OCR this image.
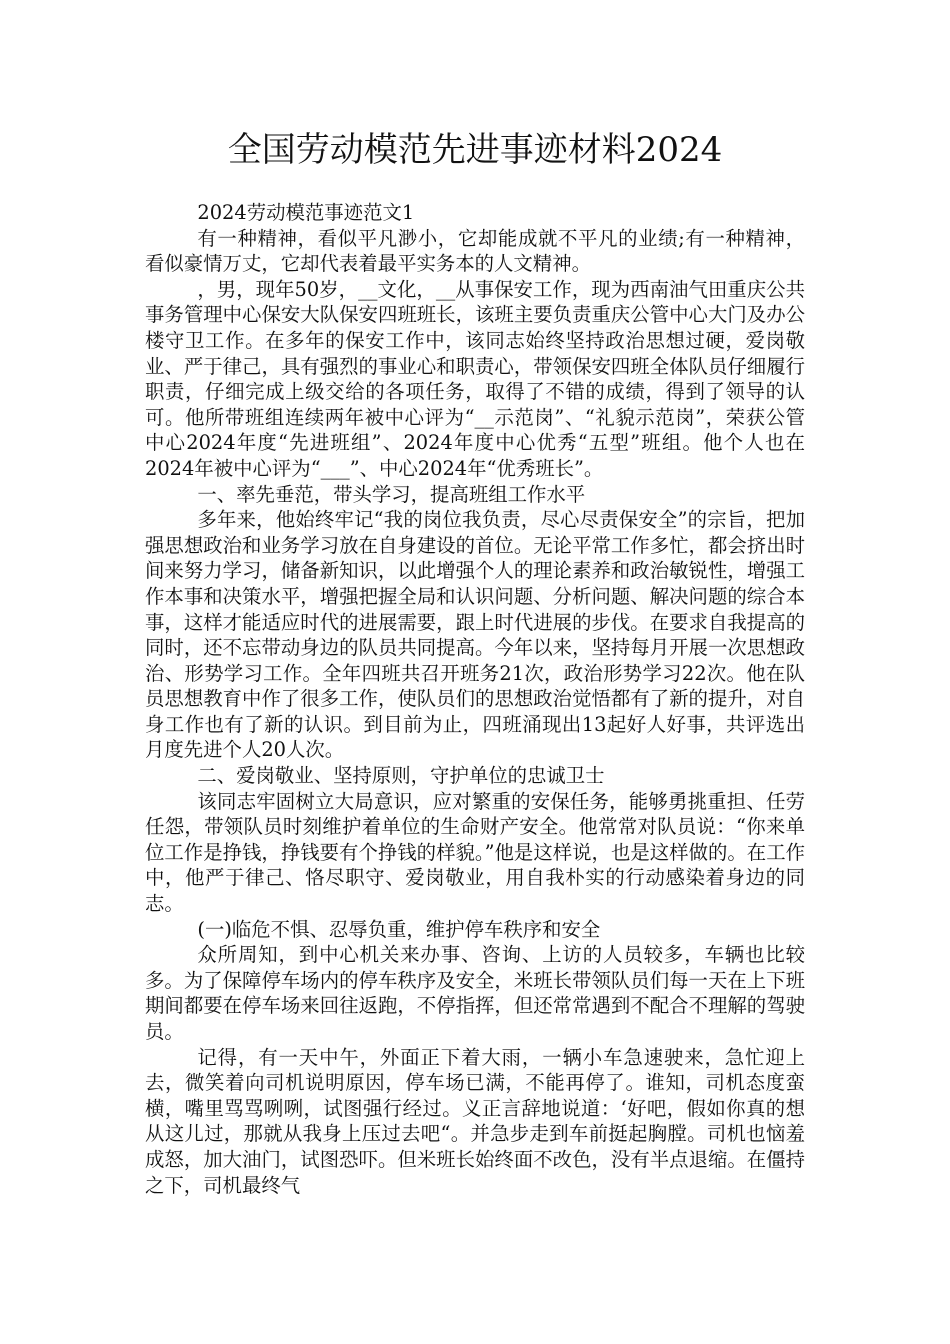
全国劳动模范先进事迹材料2024

2024劳动模范事迹范文1

有一种精神，看似平凡渺小，它却能成就不平凡的业绩;有一种精神，看似豪情万丈，它却代表着最平实务本的人文精神。

，男，现年50岁，__文化，__从事保安工作，现为西南油气田重庆公共事务管理中心保安大队保安四班班长，该班主要负责重庆公管中心大门及办公楼守卫工作。在多年的保安工作中，该同志始终坚持政治思想过硬，爱岗敬业、严于律己，具有强烈的事业心和职责心，带领保安四班全体队员仔细履行职责，仔细完成上级交给的各项任务，取得了不错的成绩，得到了领导的认可。他所带班组连续两年被中心评为“__示范岗”、“礼貌示范岗”，荣获公管中心2024年度“先进班组”、2024年度中心优秀“五型”班组。他个人也在2024年被中心评为“___”、中心2024年“优秀班长”。

一、率先垂范，带头学习，提高班组工作水平

多年来，他始终牢记“我的岗位我负责，尽心尽责保安全”的宗旨，把加强思想政治和业务学习放在自身建设的首位。无论平常工作多忙，都会挤出时间来努力学习，储备新知识，以此增强个人的理论素养和政治敏锐性，增强工作本事和决策水平，增强把握全局和认识问题、分析问题、解决问题的综合本事，这样才能适应时代的进展需要，跟上时代进展的步伐。在要求自我提高的同时，还不忘带动身边的队员共同提高。今年以来，坚持每月开展一次思想政治、形势学习工作。全年四班共召开班务21次，政治形势学习22次。他在队员思想教育中作了很多工作，使队员们的思想政治觉悟都有了新的提升，对自身工作也有了新的认识。到目前为止，四班涌现出13起好人好事，共评选出月度先进个人20人次。

二、爱岗敬业、坚持原则，守护单位的忠诚卫士

该同志牢固树立大局意识，应对繁重的安保任务，能够勇挑重担、任劳任怨，带领队员时刻维护着单位的生命财产安全。他常常对队员说：“你来单位工作是挣钱，挣钱要有个挣钱的样貌。”他是这样说，也是这样做的。在工作中，他严于律己、恪尽职守、爱岗敬业，用自我朴实的行动感染着身边的同志。

(一)临危不惧、忍辱负重，维护停车秩序和安全

众所周知，到中心机关来办事、咨询、上访的人员较多，车辆也比较多。为了保障停车场内的停车秩序及安全，米班长带领队员们每一天在上下班期间都要在停车场来回往返跑，不停指挥，但还常常遇到不配合不理解的驾驶员。

记得，有一天中午，外面正下着大雨，一辆小车急速驶来，急忙迎上去，微笑着向司机说明原因，停车场已满，不能再停了。谁知，司机态度蛮横，嘴里骂骂咧咧，试图强行经过。义正言辞地说道：‘好吧，假如你真的想从这儿过，那就从我身上压过去吧“。并急步走到车前挺起胸膛。司机也恼羞成怒，加大油门，试图恐吓。但米班长始终面不改色，没有半点退缩。在僵持之下，司机最终气
